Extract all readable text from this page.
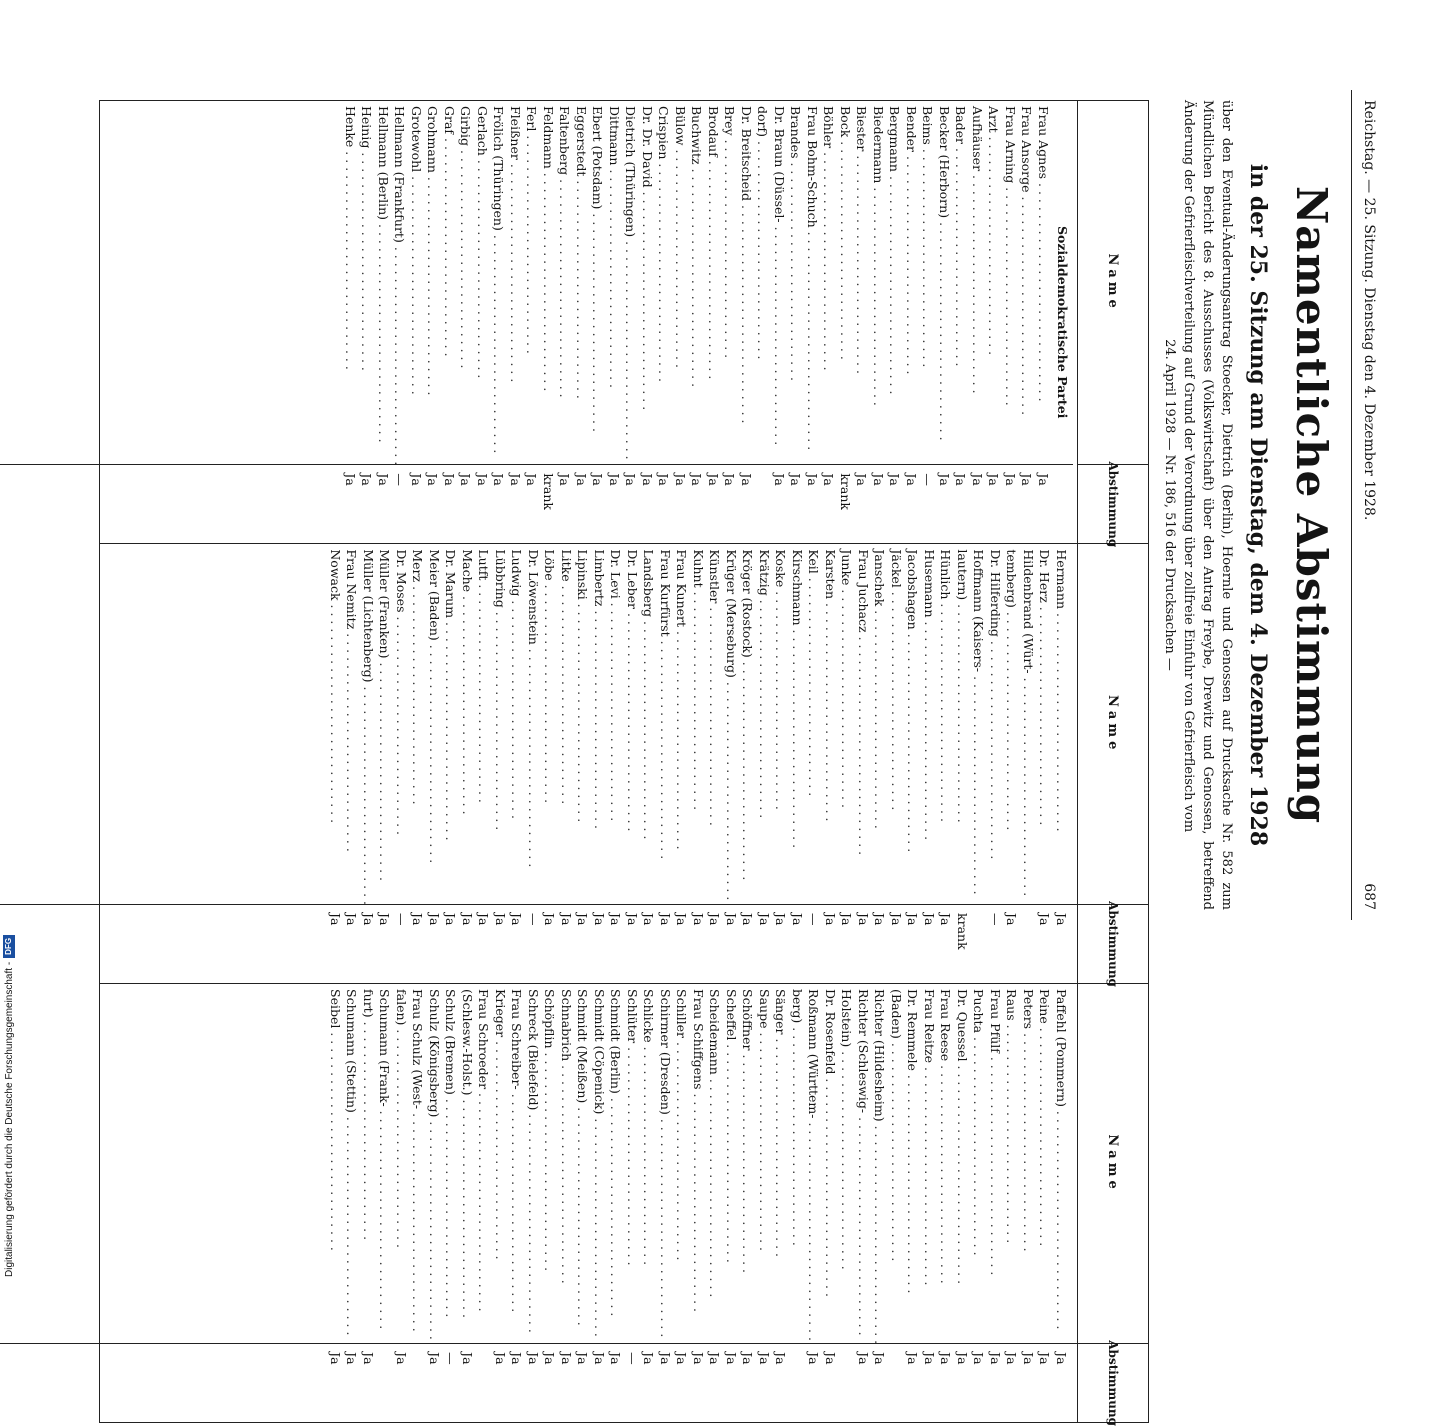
Digitalisierung gefördert durch die Deutsche Forschungsgemeinschaft -DFG
Reichstag. — 25. Sitzung. Dienstag den 4. Dezember 1928.
687
Namentliche Abstimmung
in der 25. Sitzung am Dienstag, dem 4. Dezember 1928
über den Eventual-Änderungsantrag Stoecker, Dietrich (Berlin), Hoernle und Genossen auf Drucksache Nr. 582 zum Mündlichen Bericht des 8. Ausschusses (Volkswirtschaft) über den Antrag Freybe, Drewitz und Genossen, betreffend Änderung der Gefrierfleischverteilung auf Grund der Verordnung über zollfreie Einfuhr von Gefrierfleisch vom
24. April 1928 — Nr. 186, 516 der Drucksachen —
Name
Abstimmung
Sozialdemokratische Partei
Frau Agnes . . .
Ja
Frau Ansorge . . .
Ja
Frau Arning . . .
Ja
Arzt . . .
Ja
Aufhäuser . . .
Ja
Bader . . .
Ja
Becker (Herborn) . . .
Ja
Beims . . .
—
Bender . . .
Ja
Bergmann . . .
Ja
Biedermann . . .
Ja
Biester . . .
Ja
Bock . . .
krank
Böhler . . .
Ja
Frau Bohm-Schuch . . .
Ja
Brandes . . .
Ja
Dr. Braun (Düssel- . . .
Ja
dorf) . . .
Dr. Breitscheid . . .
Ja
Brey . . .
Ja
Brodauf . . .
Ja
Buchwitz . . .
Ja
Bülow . . .
Ja
Crispien . . .
Ja
Dr. Dr. David . . .
Ja
Dietrich (Thüringen) . . .
Ja
Dittmann . . .
Ja
Ebert (Potsdam) . . .
Ja
Eggerstedt . . .
Ja
Faltenberg . . .
Ja
Feldmann . . .
krank
Ferl . . .
Ja
Fleißner . . .
Ja
Frölich (Thüringen) . . .
Ja
Gerlach . . .
Ja
Girbig . . .
Ja
Graf . . .
Ja
Grohmann . . .
Ja
Grotewohl . . .
Ja
Hellmann (Frankfurt) . . .
—
Hellmann (Berlin) . . .
Ja
Heinig . . .
Ja
Henke . . .
Ja
Name
Abstimmung
Hermann . . .
Ja
Dr. Herz . . .
Ja
Hildenbrand (Würt- . . .
temberg) . . .
Ja
Dr. Hilferding . . .
—
Hoffmann (Kaisers- . . .
lautern) . . .
krank
Hünlich . . .
Ja
Husemann . . .
Ja
Jacobshagen . . .
Ja
Jäckel . . .
Ja
Janschek . . .
Ja
Frau Juchacz . . .
Ja
Junke . . .
Ja
Karsten . . .
Ja
Keil . . .
—
Kirschmann . . .
Ja
Koske . . .
Ja
Krätzig . . .
Ja
Kröger (Rostock) . . .
Ja
Krüger (Merseburg) . . .
Ja
Künstler . . .
Ja
Kuhnt . . .
Ja
Frau Kunert . . .
Ja
Frau Kurfürst . . .
Ja
Landsberg . . .
Ja
Dr. Leber . . .
Ja
Dr. Levi . . .
Ja
Limbertz . . .
Ja
Lipinski . . .
Ja
Litke . . .
Ja
Löbe . . .
Ja
Dr. Löwenstein . . .
—
Ludwig . . .
Ja
Lübbring . . .
Ja
Lutft . . .
Ja
Mache . . .
Ja
Dr. Marum . . .
Ja
Meier (Baden) . . .
Ja
Merz . . .
Ja
Dr. Moses . . .
—
Müller (Franken) . . .
Ja
Müller (Lichtenberg) . . .
Ja
Frau Nemitz . . .
Ja
Nowack . . .
Ja
Name
Abstimmung
Paffehl (Pommern) . . .
Ja
Peine . . .
Ja
Peters . . .
Ja
Raus . . .
Ja
Frau Pfülf . . .
Ja
Puchta . . .
Ja
Dr. Quessel . . .
Ja
Frau Reese . . .
Ja
Frau Reitze . . .
Ja
Dr. Remmele . . .
Ja
(Baden) . . .
Richter (Hildesheim) . . .
Ja
Richter (Schleswig- . . .
Ja
Holstein) . . .
Dr. Rosenfeld . . .
Ja
Roßmann (Württem- . . .
Ja
berg) . . .
Sänger . . .
Ja
Saupe . . .
Ja
Schöffner . . .
Ja
Scheffel . . .
Ja
Scheidemann . . .
Ja
Frau Schiffgens . . .
Ja
Schiller . . .
Ja
Schirmer (Dresden) . . .
Ja
Schlicke . . .
Ja
Schlüter . . .
—
Schmidt (Berlin) . . .
Ja
Schmidt (Cöpenick) . . .
Ja
Schmidt (Meißen) . . .
Ja
Schnabrich . . .
Ja
Schöpflin . . .
Ja
Schreck (Bielefeld) . . .
Ja
Frau Schreiber- . . .
Ja
Krieger . . .
Ja
Frau Schroeder . . .
(Schlesw.-Holst.) . . .
Ja
Schulz (Bremen) . . .
—
Schulz (Königsberg) . . .
Ja
Frau Schulz (West- . . .
falen) . . .
Ja
Schumann (Frank- . . .
furt) . . .
Ja
Schumann (Stettin) . . .
Ja
Seibel . . .
Ja
